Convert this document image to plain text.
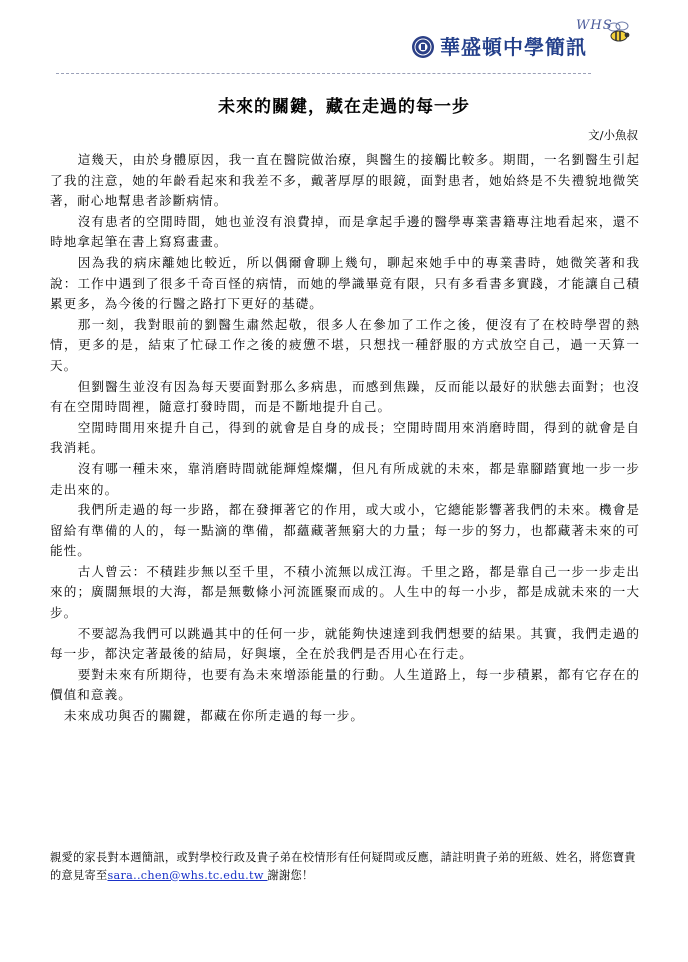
WHS
華盛頓中學簡訊
未來的關鍵，藏在走過的每一步
文/小魚叔

這幾天，由於身體原因，我一直在醫院做治療，與醫生的接觸比較多。期間，一名劉醫生引起了我的注意，她的年齡看起來和我差不多，戴著厚厚的眼鏡，面對患者，她始終是不失禮貌地微笑著，耐心地幫患者診斷病情。

沒有患者的空閒時間，她也並沒有浪費掉，而是拿起手邊的醫學專業書籍專注地看起來，還不時地拿起筆在書上寫寫畫畫。

因為我的病床離她比較近，所以偶爾會聊上幾句，聊起來她手中的專業書時，她微笑著和我說：工作中遇到了很多千奇百怪的病情，而她的學識畢竟有限，只有多看書多實踐，才能讓自己積累更多，為今後的行醫之路打下更好的基礎。

那一刻，我對眼前的劉醫生肅然起敬，很多人在參加了工作之後，便沒有了在校時學習的熱情，更多的是，結束了忙碌工作之後的疲憊不堪，只想找一種舒服的方式放空自己，過一天算一天。

但劉醫生並沒有因為每天要面對那么多病患，而感到焦躁，反而能以最好的狀態去面對；也沒有在空閒時間裡，隨意打發時間，而是不斷地提升自己。

空閒時間用來提升自己，得到的就會是自身的成長；空閒時間用來消磨時間，得到的就會是自我消耗。

沒有哪一種未來，靠消磨時間就能輝煌燦爛，但凡有所成就的未來，都是靠腳踏實地一步一步走出來的。

我們所走過的每一步路，都在發揮著它的作用，或大或小，它總能影響著我們的未來。機會是留給有準備的人的，每一點滴的準備，都蘊藏著無窮大的力量；每一步的努力，也都藏著未來的可能性。

古人曾云：不積跬步無以至千里，不積小流無以成江海。千里之路，都是靠自己一步一步走出來的；廣闊無垠的大海，都是無數條小河流匯聚而成的。人生中的每一小步，都是成就未來的一大步。

不要認為我們可以跳過其中的任何一步，就能夠快速達到我們想要的結果。其實，我們走過的每一步，都決定著最後的結局，好與壞，全在於我們是否用心在行走。

要對未來有所期待，也要有為未來增添能量的行動。人生道路上，每一步積累，都有它存在的價值和意義。

未來成功與否的關鍵，都藏在你所走過的每一步。

親愛的家長對本週簡訊，或對學校行政及貴子弟在校情形有任何疑問或反應，請註明貴子弟的班級、姓名，將您寶貴的意見寄至sara..chen@whs.tc.edu.tw 謝謝您！
